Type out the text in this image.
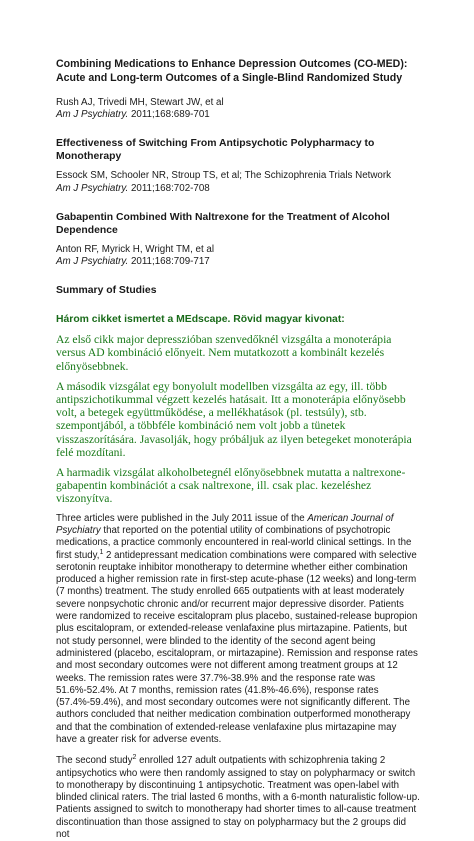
Combining Medications to Enhance Depression Outcomes (CO-MED): Acute and Long-term Outcomes of a Single-Blind Randomized Study
Rush AJ, Trivedi MH, Stewart JW, et al
Am J Psychiatry. 2011;168:689-701
Effectiveness of Switching From Antipsychotic Polypharmacy to Monotherapy
Essock SM, Schooler NR, Stroup TS, et al; The Schizophrenia Trials Network
Am J Psychiatry. 2011;168:702-708
Gabapentin Combined With Naltrexone for the Treatment of Alcohol Dependence
Anton RF, Myrick H, Wright TM, et al
Am J Psychiatry. 2011;168:709-717
Summary of Studies
Három cikket ismertet a MEdscape. Rövid magyar kivonat:

Az első cikk major depresszióban szenvedőknél vizsgálta a monoterápia versus AD kombináció előnyeit. Nem mutatkozott a kombinált kezelés előnyösebbnek.

A második vizsgálat egy bonyolult modellben vizsgálta az egy, ill. több antipszichotikummal végzett kezelés hatásait. Itt a monoterápia előnyösebb volt, a betegek együttműködése, a mellékhatások (pl. testsúly), stb. szempontjából, a többféle kombináció nem volt jobb a tünetek visszaszorítására. Javasolják, hogy próbáljuk az ilyen betegeket monoterápia felé mozdítani.

A harmadik vizsgálat alkoholbetegnél előnyösebbnek mutatta a naltrexone-gabapentin kombinációt a csak naltrexone, ill. csak plac. kezeléshez viszonyítva.

Three articles were published in the July 2011 issue of the American Journal of Psychiatry that reported on the potential utility of combinations of psychotropic medications, a practice commonly encountered in real-world clinical settings. In the first study,$^1$ 2 antidepressant medication combinations were compared with selective serotonin reuptake inhibitor monotherapy to determine whether either combination produced a higher remission rate in first-step acute-phase (12 weeks) and long-term (7 months) treatment. The study enrolled 665 outpatients with at least moderately severe nonpsychotic chronic and/or recurrent major depressive disorder. Patients were randomized to receive escitalopram plus placebo, sustained-release bupropion plus escitalopram, or extended-release venlafaxine plus mirtazapine. Patients, but not study personnel, were blinded to the identity of the second agent being administered (placebo, escitalopram, or mirtazapine). Remission and response rates and most secondary outcomes were not different among treatment groups at 12 weeks. The remission rates were 37.7%-38.9% and the response rate was 51.6%-52.4%. At 7 months, remission rates (41.8%-46.6%), response rates (57.4%-59.4%), and most secondary outcomes were not significantly different. The authors concluded that neither medication combination outperformed monotherapy and that the combination of extended-release venlafaxine plus mirtazapine may have a greater risk for adverse events.

The second study$^2$ enrolled 127 adult outpatients with schizophrenia taking 2 antipsychotics who were then randomly assigned to stay on polypharmacy or switch to monotherapy by discontinuing 1 antipsychotic. Treatment was open-label with blinded clinical raters. The trial lasted 6 months, with a 6-month naturalistic follow-up. Patients assigned to switch to monotherapy had shorter times to all-cause treatment discontinuation than those assigned to stay on polypharmacy but the 2 groups did not
